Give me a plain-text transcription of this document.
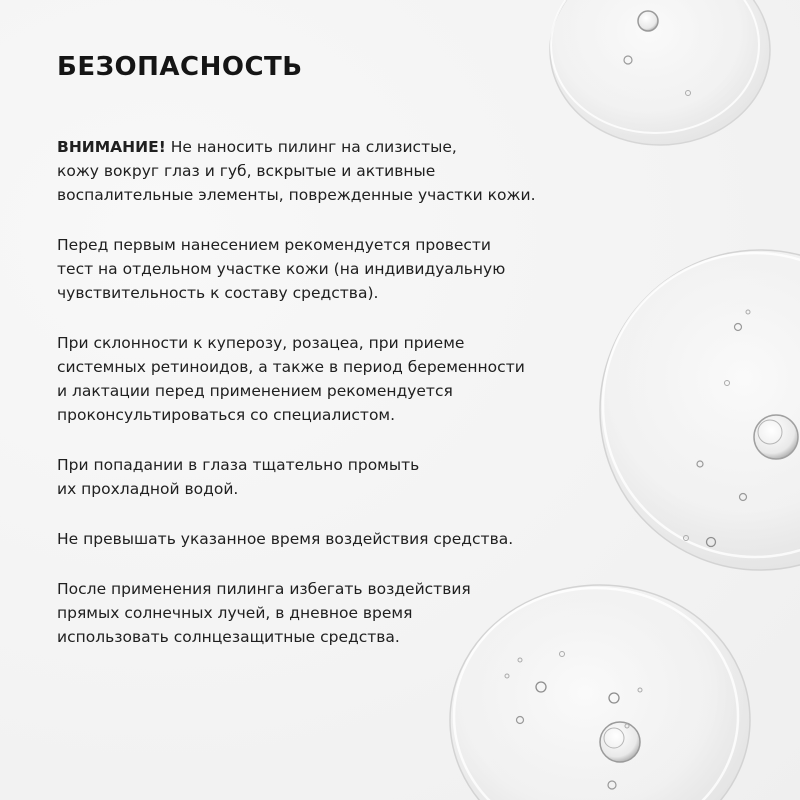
БЕЗОПАСНОСТЬ

ВНИМАНИЕ! Не наносить пилинг на слизистые,
кожу вокруг глаз и губ, вскрытые и активные
воспалительные элементы, поврежденные участки кожи.

Перед первым нанесением рекомендуется провести
тест на отдельном участке кожи (на индивидуальную
чувствительность к составу средства).

При склонности к куперозу, розацеа, при приеме
системных ретиноидов, а также в период беременности
и лактации перед применением рекомендуется
проконсультироваться со специалистом.

При попадании в глаза тщательно промыть
их прохладной водой.

Не превышать указанное время воздействия средства.

После применения пилинга избегать воздействия
прямых солнечных лучей, в дневное время
использовать солнцезащитные средства.
